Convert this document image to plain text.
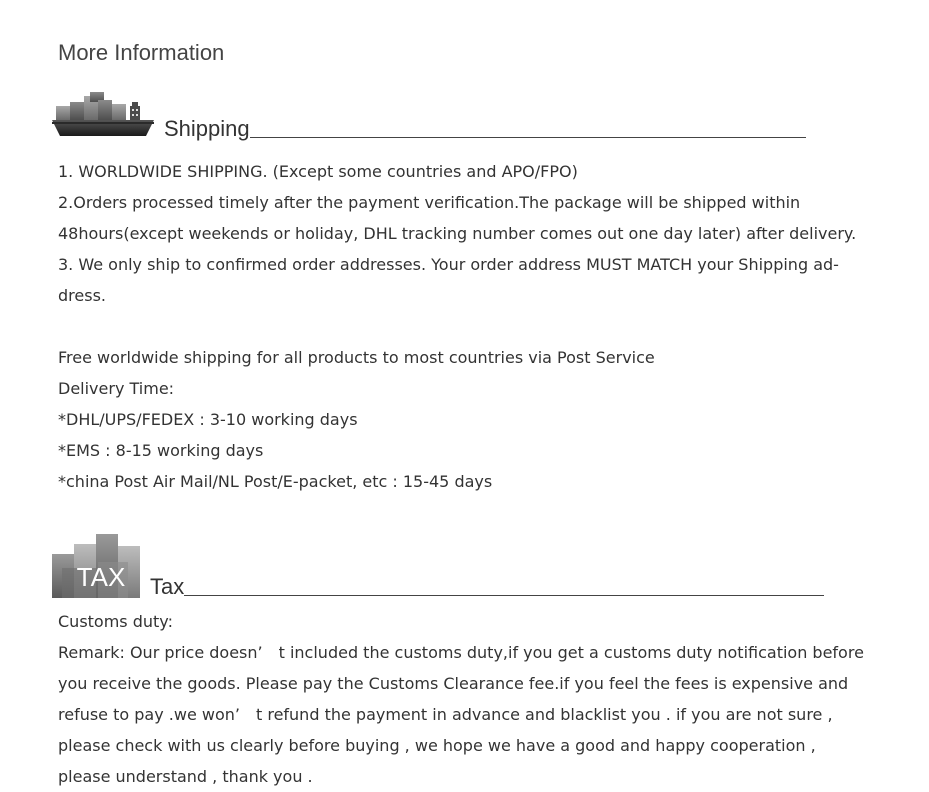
More Information
Shipping
1. WORLDWIDE SHIPPING. (Except some countries and APO/FPO)
2.Orders processed timely after the payment verification.The package will be shipped within
48hours(except weekends or holiday, DHL tracking number comes out one day later) after delivery.
3. We only ship to confirmed order addresses. Your order address MUST MATCH your Shipping ad-
dress.
Free worldwide shipping for all products to most countries via Post Service
Delivery Time:
*DHL/UPS/FEDEX : 3-10 working days
*EMS : 8-15 working days
*china Post Air Mail/NL Post/E-packet, etc : 15-45 days
TAX Tax
Customs duty:
Remark: Our price doesn’　t included the customs duty,if you get a customs duty notification before
you receive the goods. Please pay the Customs Clearance fee.if you feel the fees is expensive and
refuse to pay .we won’　t refund the payment in advance and blacklist you . if you are not sure ,
please check with us clearly before buying , we hope we have a good and happy cooperation ,
please understand , thank you .
